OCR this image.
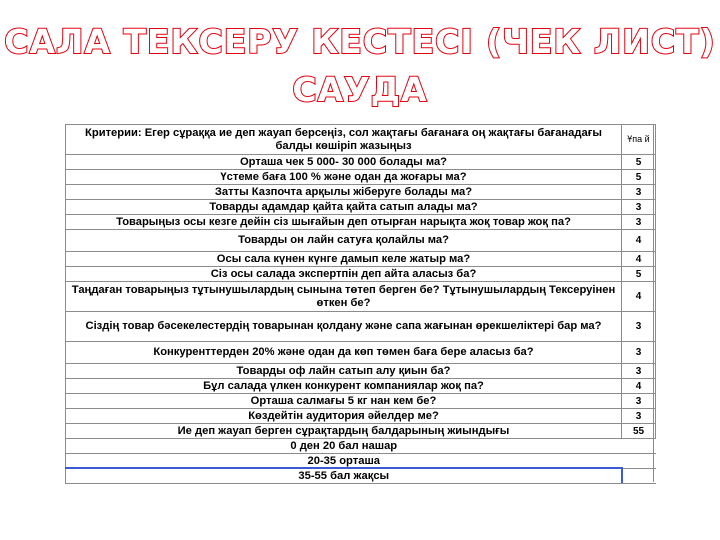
САЛА ТЕКСЕРУ КЕСТЕСІ (ЧЕК ЛИСТ)
САУДА
Критерии: Егер сұраққа ие деп жауап берсеңіз, сол жақтағы бағанаға оң жақтағы бағанадағы балды көшіріп жазыңыз	Ұпа й
Орташа чек 5 000- 30 000 болады ма?	5
Үстеме баға 100 % және одан да жоғары ма?	5
Затты Казпочта арқылы жіберуге болады ма?	3
Товарды адамдар қайта қайта сатып алады ма?	3
Товарыңыз осы кезге дейін сіз шығайын деп отырған нарықта жоқ товар жоқ па?	3
Товарды он лайн сатуға қолайлы ма?	4
Осы сала күнен күнге дамып келе жатыр ма?	4
Сіз осы салада экспертпін деп айта аласыз ба?	5
Таңдаған товарыңыз тұтынушылардың сынына төтеп берген бе? Тұтынушылардың Тексеруінен өткен бе?	4
Сіздің товар бәсекелестердің товарынан қолдану және сапа жағынан өрекшеліктері бар ма?	3
Конкуренттерден 20% және одан да көп төмен баға бере аласыз ба?	3
Товарды оф лайн сатып алу қиын ба?	3
Бұл салада үлкен конкурент компаниялар жоқ па?	4
Орташа салмағы 5 кг нан кем бе?	3
Көздейтін аудитория әйелдер ме?	3
Ие деп жауап берген сұрақтардың балдарының жиындығы	55
0 ден 20 бал нашар	
20-35 орташа	
35-55 бал жақсы	
